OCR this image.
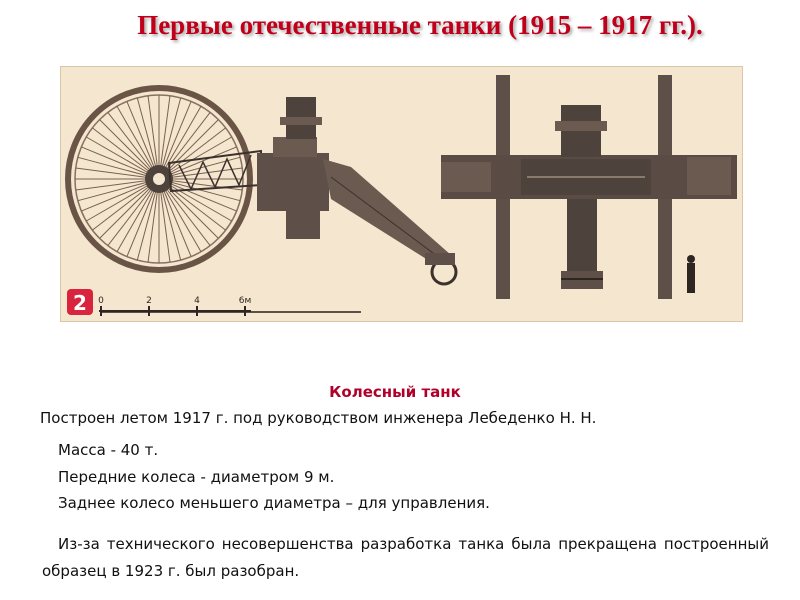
Первые отечественные танки (1915 – 1917 гг.).
0	2	4	6м
2
Колесный танк
Построен летом 1917 г. под руководством инженера Лебеденко Н. Н.
Масса - 40 т.
Передние колеса - диаметром 9 м.
Заднее колесо меньшего диаметра – для управления.
Из-за технического несовершенства разработка танка была прекращена построенный образец в 1923 г. был разобран.
